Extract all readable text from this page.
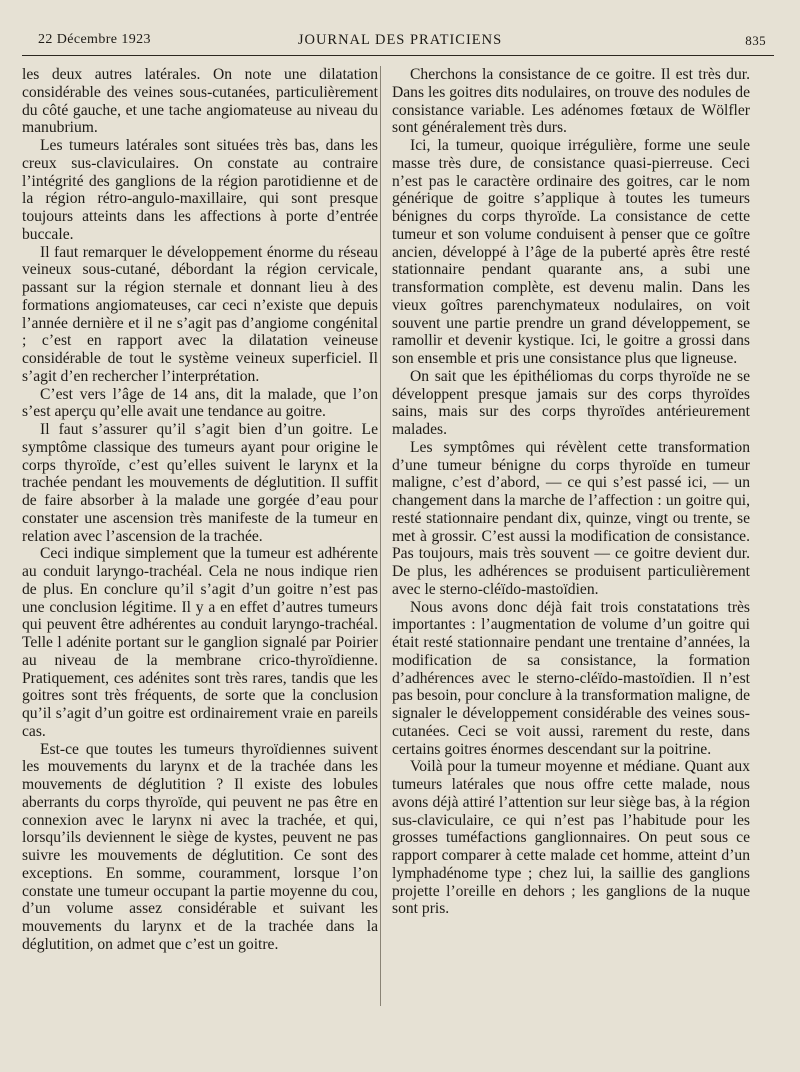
22 Décembre 1923	JOURNAL DES PRATICIENS	835

les deux autres latérales. On note une dilatation considérable des veines sous-cutanées, particulièrement du côté gauche, et une tache angiomateuse au niveau du manubrium.

Les tumeurs latérales sont situées très bas, dans les creux sus-claviculaires. On constate au contraire l’intégrité des ganglions de la région parotidienne et de la région rétro-angulo-maxillaire, qui sont presque toujours atteints dans les affections à porte d’entrée buccale.

Il faut remarquer le développement énorme du réseau veineux sous-cutané, débordant la région cervicale, passant sur la région sternale et donnant lieu à des formations angiomateuses, car ceci n’existe que depuis l’année dernière et il ne s’agit pas d’angiome congénital ; c’est en rapport avec la dilatation veineuse considérable de tout le système veineux superficiel. Il s’agit d’en rechercher l’interprétation.

C’est vers l’âge de 14 ans, dit la malade, que l’on s’est aperçu qu’elle avait une tendance au goitre.

Il faut s’assurer qu’il s’agit bien d’un goitre. Le symptôme classique des tumeurs ayant pour origine le corps thyroïde, c’est qu’elles suivent le larynx et la trachée pendant les mouvements de déglutition. Il suffit de faire absorber à la malade une gorgée d’eau pour constater une ascension très manifeste de la tumeur en relation avec l’ascension de la trachée.

Ceci indique simplement que la tumeur est adhérente au conduit laryngo-trachéal. Cela ne nous indique rien de plus. En conclure qu’il s’agit d’un goitre n’est pas une conclusion légitime. Il y a en effet d’autres tumeurs qui peuvent être adhérentes au conduit laryngo-trachéal. Telle l adénite portant sur le ganglion signalé par Poirier au niveau de la membrane crico-thyroïdienne. Pratiquement, ces adénites sont très rares, tandis que les goitres sont très fréquents, de sorte que la conclusion qu’il s’agit d’un goitre est ordinairement vraie en pareils cas.

Est-ce que toutes les tumeurs thyroïdiennes suivent les mouvements du larynx et de la trachée dans les mouvements de déglutition ? Il existe des lobules aberrants du corps thyroïde, qui peuvent ne pas être en connexion avec le larynx ni avec la trachée, et qui, lorsqu’ils deviennent le siège de kystes, peuvent ne pas suivre les mouvements de déglutition. Ce sont des exceptions. En somme, couramment, lorsque l’on constate une tumeur occupant la partie moyenne du cou, d’un volume assez considérable et suivant les mouvements du larynx et de la trachée dans la déglutition, on admet que c’est un goitre.

Cherchons la consistance de ce goitre. Il est très dur. Dans les goitres dits nodulaires, on trouve des nodules de consistance variable. Les adénomes fœtaux de Wölfler sont généralement très durs.

Ici, la tumeur, quoique irrégulière, forme une seule masse très dure, de consistance quasi-pierreuse. Ceci n’est pas le caractère ordinaire des goitres, car le nom générique de goitre s’applique à toutes les tumeurs bénignes du corps thyroïde. La consistance de cette tumeur et son volume conduisent à penser que ce goître ancien, développé à l’âge de la puberté après être resté stationnaire pendant quarante ans, a subi une transformation complète, est devenu malin. Dans les vieux goîtres parenchymateux nodulaires, on voit souvent une partie prendre un grand développement, se ramollir et devenir kystique. Ici, le goitre a grossi dans son ensemble et pris une consistance plus que ligneuse.

On sait que les épithéliomas du corps thyroïde ne se développent presque jamais sur des corps thyroïdes sains, mais sur des corps thyroïdes antérieurement malades.

Les symptômes qui révèlent cette transformation d’une tumeur bénigne du corps thyroïde en tumeur maligne, c’est d’abord, — ce qui s’est passé ici, — un changement dans la marche de l’affection : un goitre qui, resté stationnaire pendant dix, quinze, vingt ou trente, se met à grossir. C’est aussi la modification de consistance. Pas toujours, mais très souvent — ce goitre devient dur. De plus, les adhérences se produisent particulièrement avec le sterno-cléïdo-mastoïdien.

Nous avons donc déjà fait trois constatations très importantes : l’augmentation de volume d’un goitre qui était resté stationnaire pendant une trentaine d’années, la modification de sa consistance, la formation d’adhérences avec le sterno-cléïdo-mastoïdien. Il n’est pas besoin, pour conclure à la transformation maligne, de signaler le développement considérable des veines sous-cutanées. Ceci se voit aussi, rarement du reste, dans certains goitres énormes descendant sur la poitrine.

Voilà pour la tumeur moyenne et médiane. Quant aux tumeurs latérales que nous offre cette malade, nous avons déjà attiré l’attention sur leur siège bas, à la région sus-claviculaire, ce qui n’est pas l’habitude pour les grosses tuméfactions ganglionnaires. On peut sous ce rapport comparer à cette malade cet homme, atteint d’un lymphadénome type ; chez lui, la saillie des ganglions projette l’oreille en dehors ; les ganglions de la nuque sont pris.
